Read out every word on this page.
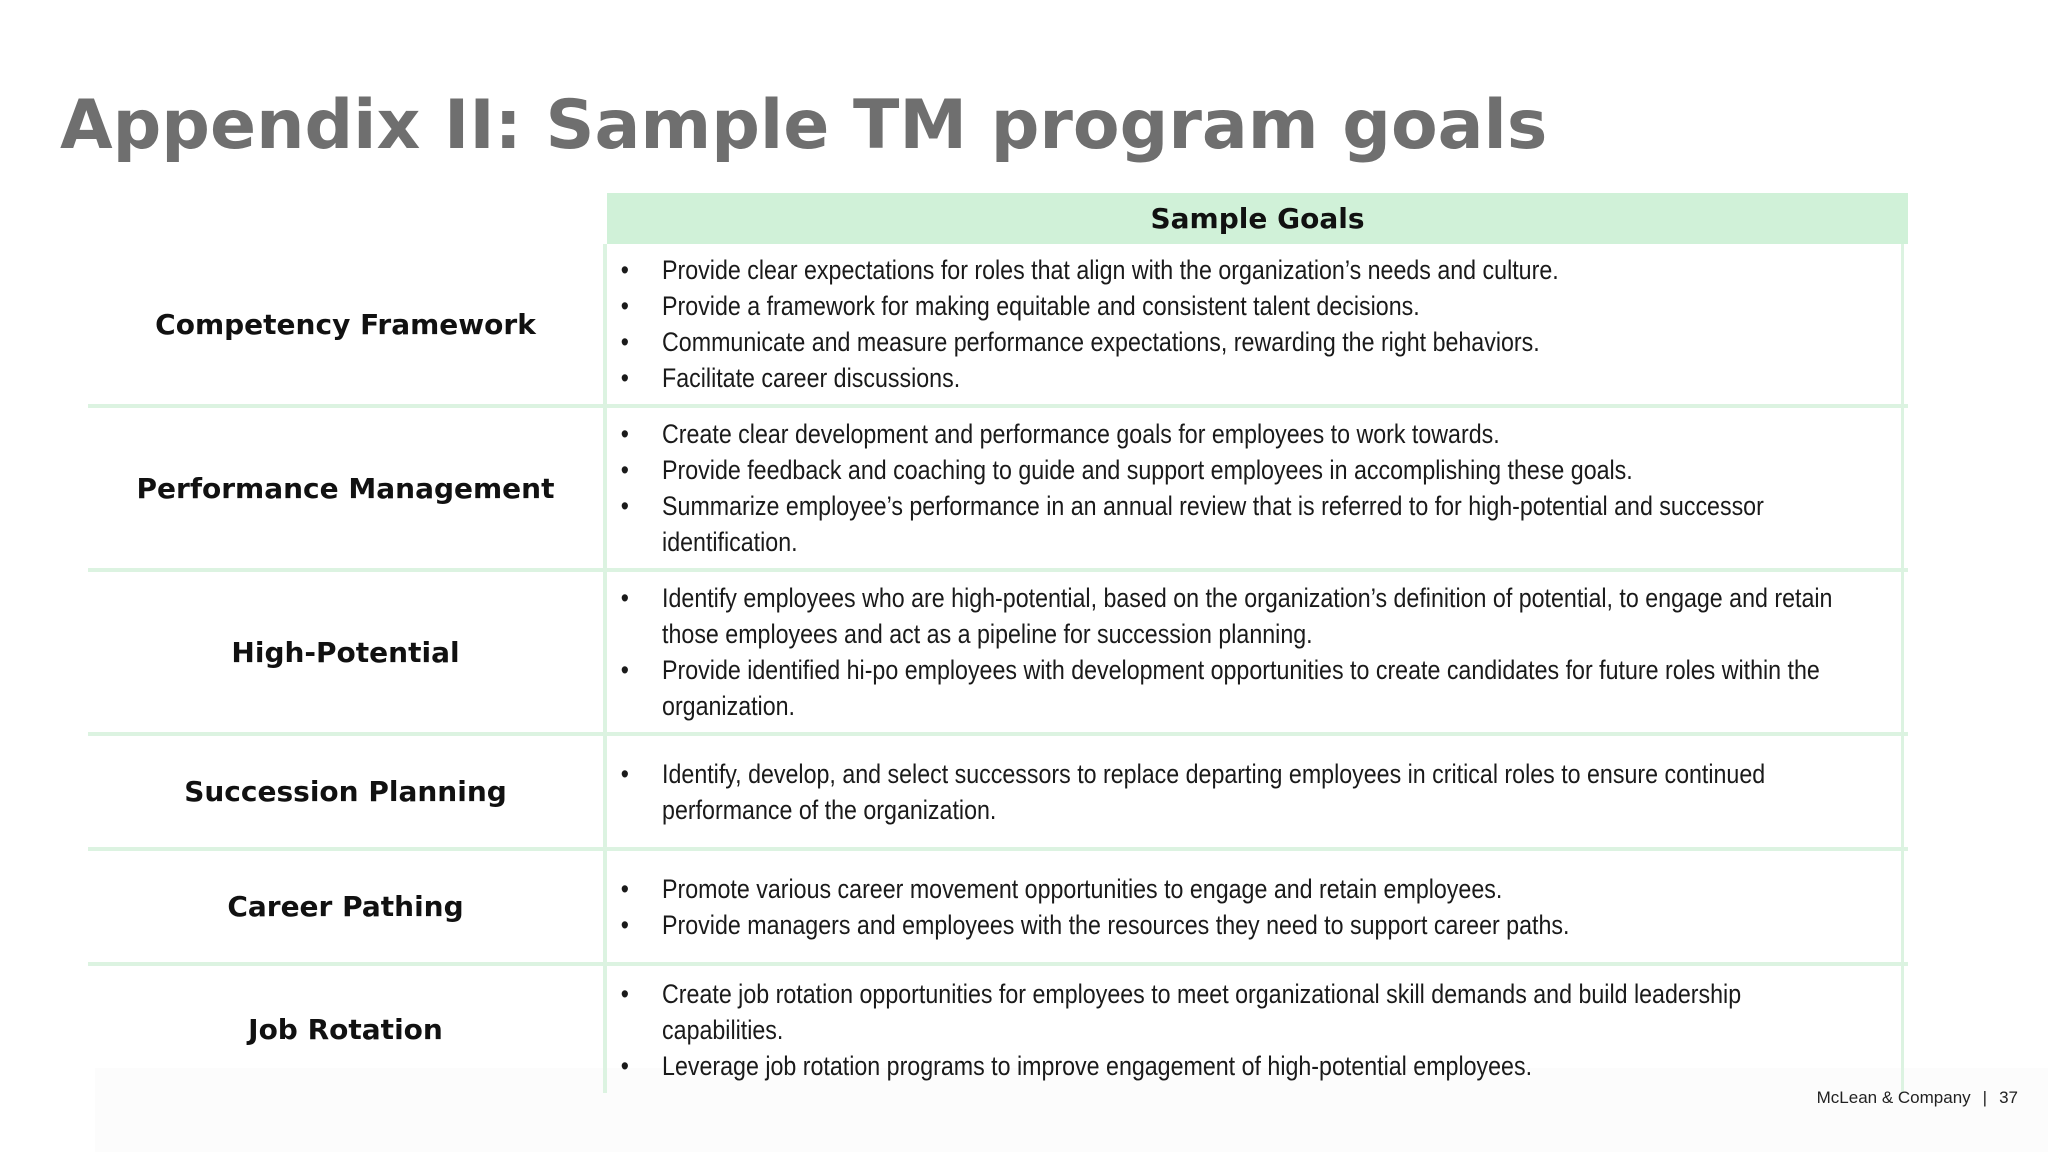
Appendix II: Sample TM program goals
Sample Goals
Competency Framework
• Provide clear expectations for roles that align with the organization’s needs and culture.
• Provide a framework for making equitable and consistent talent decisions.
• Communicate and measure performance expectations, rewarding the right behaviors.
• Facilitate career discussions.
Performance Management
• Create clear development and performance goals for employees to work towards.
• Provide feedback and coaching to guide and support employees in accomplishing these goals.
• Summarize employee’s performance in an annual review that is referred to for high-potential and successor identification.
High-Potential
• Identify employees who are high-potential, based on the organization’s definition of potential, to engage and retain those employees and act as a pipeline for succession planning.
• Provide identified hi-po employees with development opportunities to create candidates for future roles within the organization.
Succession Planning
• Identify, develop, and select successors to replace departing employees in critical roles to ensure continued performance of the organization.
Career Pathing
• Promote various career movement opportunities to engage and retain employees.
• Provide managers and employees with the resources they need to support career paths.
Job Rotation
• Create job rotation opportunities for employees to meet organizational skill demands and build leadership capabilities.
• Leverage job rotation programs to improve engagement of high-potential employees.
McLean & Company | 37
